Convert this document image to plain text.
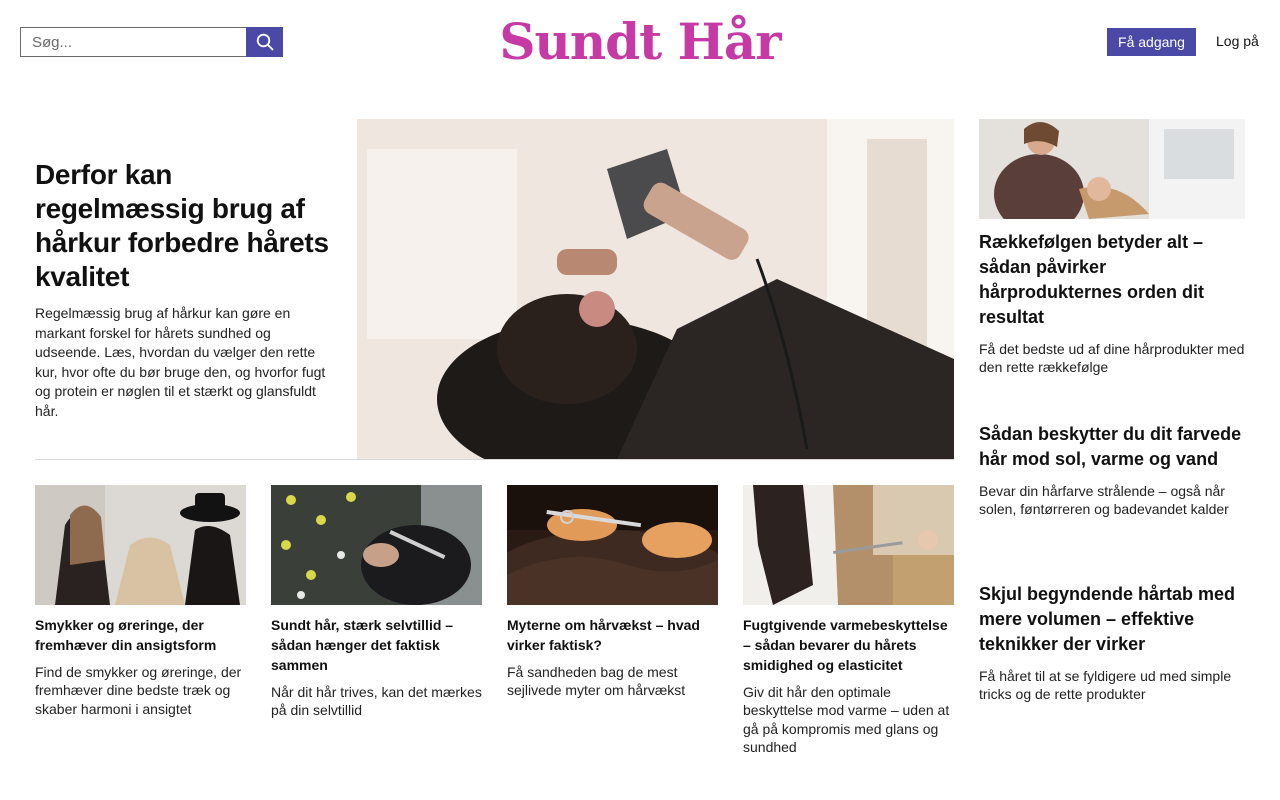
Søg...
Sundt Hår	Få adgang	Log på
Derfor kan regelmæssig brug af hårkur forbedre hårets kvalitet

Regelmæssig brug af hårkur kan gøre en markant forskel for hårets sundhed og udseende. Læs, hvordan du vælger den rette kur, hvor ofte du bør bruge den, og hvorfor fugt og protein er nøglen til et stærkt og glansfuldt hår.

Rækkefølgen betyder alt – sådan påvirker hårprodukternes orden dit resultat

Få det bedste ud af dine hårprodukter med den rette rækkefølge

Sådan beskytter du dit farvede hår mod sol, varme og vand

Bevar din hårfarve strålende – også når solen, føntørreren og badevandet kalder

Skjul begyndende hårtab med mere volumen – effektive teknikker der virker

Få håret til at se fyldigere ud med simple tricks og de rette produkter

Smykker og øreringe, der fremhæver din ansigtsform

Find de smykker og øreringe, der fremhæver dine bedste træk og skaber harmoni i ansigtet

Sundt hår, stærk selvtillid – sådan hænger det faktisk sammen

Når dit hår trives, kan det mærkes på din selvtillid

Myterne om hårvækst – hvad virker faktisk?

Få sandheden bag de mest sejlivede myter om hårvækst

Fugtgivende varmebeskyttelse – sådan bevarer du hårets smidighed og elasticitet

Giv dit hår den optimale beskyttelse mod varme – uden at gå på kompromis med glans og sundhed
